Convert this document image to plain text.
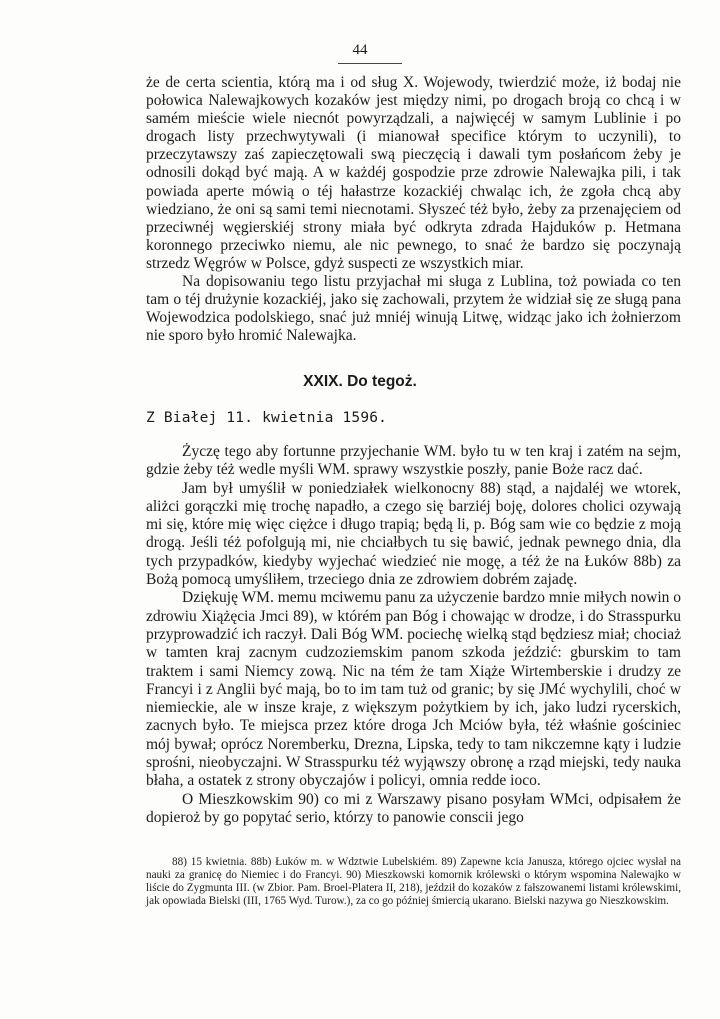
44

że de certa scientia, którą ma i od sług X. Wojewody, twierdzić może, iż bodaj nie połowica Nalewajkowych kozaków jest między nimi, po drogach broją co chcą i w samém mieście wiele niecnót powyrządzali, a najwięcéj w samym Lublinie i po drogach listy przechwytywali (i mianował specifice którym to uczynili), to przeczytawszy zaś zapieczętowali swą pieczęcią i dawali tym posłańcom żeby je odnosili dokąd być mają. A w każdéj gospodzie prze zdrowie Nalewajka pili, i tak powiada aperte mówią o téj hałastrze kozackiéj chwaląc ich, że zgoła chcą aby wiedziano, że oni są sami temi niecnotami. Słyszeć téż było, żeby za przenajęciem od przeciwnéj węgierskiéj strony miała być odkryta zdrada Hajduków p. Hetmana koronnego przeciwko niemu, ale nic pewnego, to snać że bardzo się poczynają strzedz Węgrów w Polsce, gdyż suspecti ze wszystkich miar.

Na dopisowaniu tego listu przyjachał mi sługa z Lublina, toż powiada co ten tam o téj drużynie kozackiéj, jako się zachowali, przytem że widział się ze sługą pana Wojewodzica podolskiego, snać już mniéj winują Litwę, widząc jako ich żołnierzom nie sporo było hromić Nalewajka.

XXIX. Do tegoż.
Z Białej 11. kwietnia 1596.

Życzę tego aby fortunne przyjechanie WM. było tu w ten kraj i zatém na sejm, gdzie żeby téż wedle myśli WM. sprawy wszystkie poszły, panie Boże racz dać.

Jam był umyślił w poniedziałek wielkonocny 88) stąd, a najdaléj we wtorek, aliżci gorączki mię trochę napadło, a czego się barziéj boję, dolores cholici ozywają mi się, które mię więc ciężce i długo trapią; będą li, p. Bóg sam wie co będzie z moją drogą. Jeśli téż pofolgują mi, nie chciałbych tu się bawić, jednak pewnego dnia, dla tych przypadków, kiedyby wyjechać wiedzieć nie mogę, a téż że na Łuków 88b) za Bożą pomocą umyśliłem, trzeciego dnia ze zdrowiem dobrém zajadę.

Dziękuję WM. memu mciwemu panu za użyczenie bardzo mnie miłych nowin o zdrowiu Xiążęcia Jmci 89), w którém pan Bóg i chowając w drodze, i do Strasspurku przyprowadzić ich raczył. Dali Bóg WM. pociechę wielką stąd będziesz miał; chociaż w tamten kraj zacnym cudzoziemskim panom szkoda jeździć: gburskim to tam traktem i sami Niemcy zową. Nic na tém że tam Xiąże Wirtemberskie i drudzy ze Francyi i z Anglii być mają, bo to im tam tuż od granic; by się JMć wychylili, choć w niemieckie, ale w insze kraje, z większym pożytkiem by ich, jako ludzi rycerskich, zacnych było. Te miejsca przez które droga Jch Mciów była, téż właśnie gościniec mój bywał; oprócz Noremberku, Drezna, Lipska, tedy to tam nikczemne kąty i ludzie sprośni, nieobyczajni. W Strasspurku téż wyjąwszy obronę a rząd miejski, tedy nauka błaha, a ostatek z strony obyczajów i policyi, omnia redde ioco.

O Mieszkowskim 90) co mi z Warszawy pisano posyłam WMci, odpisałem że dopieroż by go popytać serio, którzy to panowie conscii jego

88) 15 kwietnia. 88b) Łuków m. w Wdztwie Lubelskiém. 89) Zapewne kcia Janusza, którego ojciec wysłał na nauki za granicę do Niemiec i do Francyi. 90) Mieszkowski komornik królewski o którym wspomina Nalewajko w liście do Zygmunta III. (w Zbior. Pam. Broel-Platera II, 218), jeździł do kozaków z fałszowanemi listami królewskimi, jak opowiada Bielski (III, 1765 Wyd. Turow.), za co go później śmiercią ukarano. Bielski nazywa go Nieszkowskim.
